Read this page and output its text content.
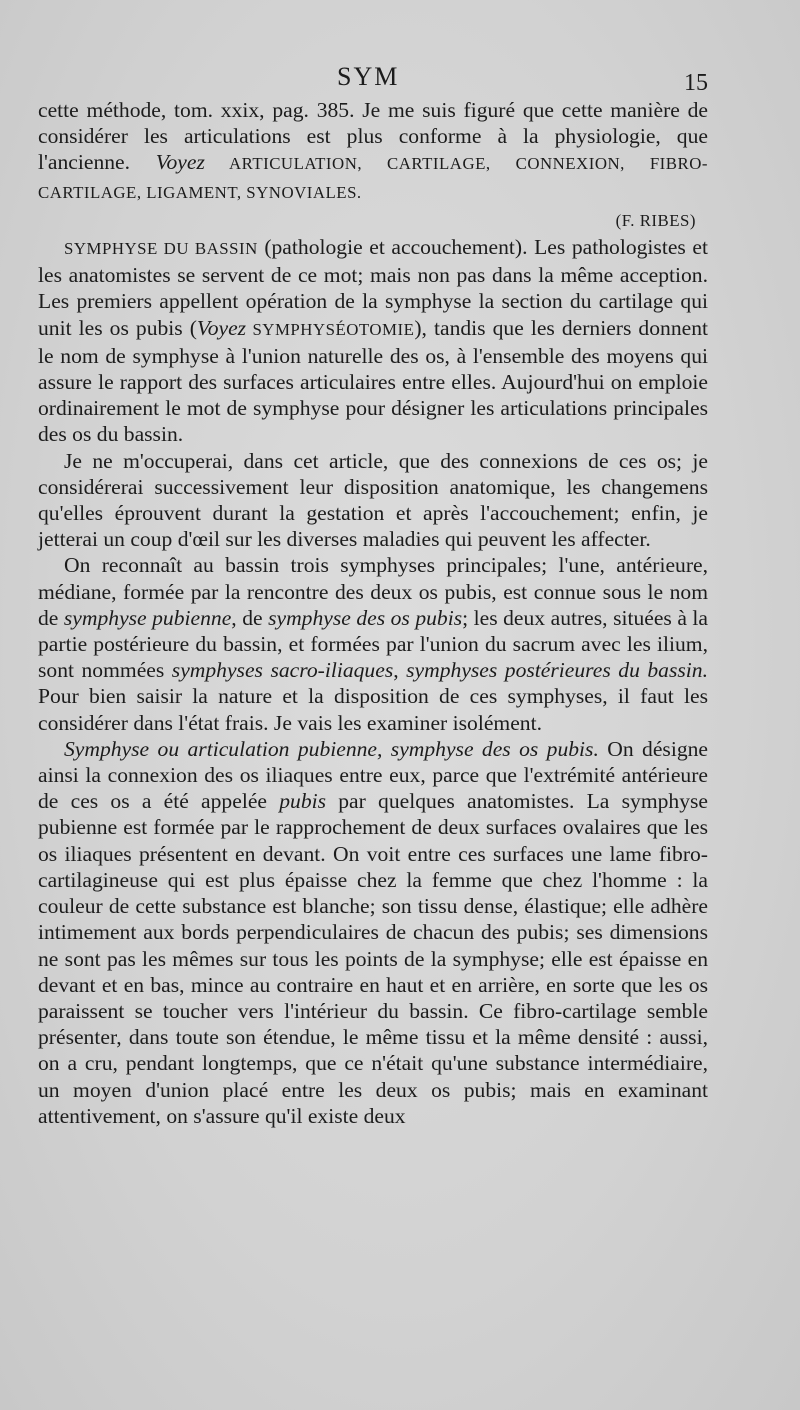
SYM	15

cette méthode, tom. xxix, pag. 385. Je me suis figuré que cette manière de considérer les articulations est plus conforme à la physiologie, que l'ancienne. Voyez ARTICULATION, CARTILAGE, CONNEXION, FIBRO-CARTILAGE, LIGAMENT, SYNOVIALES.

(F. RIBES)

SYMPHYSE DU BASSIN (pathologie et accouchement). Les pathologistes et les anatomistes se servent de ce mot; mais non pas dans la même acception. Les premiers appellent opération de la symphyse la section du cartilage qui unit les os pubis (Voyez SYMPHYSÉOTOMIE), tandis que les derniers donnent le nom de symphyse à l'union naturelle des os, à l'ensemble des moyens qui assure le rapport des surfaces articulaires entre elles. Aujourd'hui on emploie ordinairement le mot de symphyse pour désigner les articulations principales des os du bassin.

Je ne m'occuperai, dans cet article, que des connexions de ces os; je considérerai successivement leur disposition anatomique, les changemens qu'elles éprouvent durant la gestation et après l'accouchement; enfin, je jetterai un coup d'œil sur les diverses maladies qui peuvent les affecter.

On reconnaît au bassin trois symphyses principales; l'une, antérieure, médiane, formée par la rencontre des deux os pubis, est connue sous le nom de symphyse pubienne, de symphyse des os pubis; les deux autres, situées à la partie postérieure du bassin, et formées par l'union du sacrum avec les ilium, sont nommées symphyses sacro-iliaques, symphyses postérieures du bassin. Pour bien saisir la nature et la disposition de ces symphyses, il faut les considérer dans l'état frais. Je vais les examiner isolément.

Symphyse ou articulation pubienne, symphyse des os pubis. On désigne ainsi la connexion des os iliaques entre eux, parce que l'extrémité antérieure de ces os a été appelée pubis par quelques anatomistes. La symphyse pubienne est formée par le rapprochement de deux surfaces ovalaires que les os iliaques présentent en devant. On voit entre ces surfaces une lame fibro-cartilagineuse qui est plus épaisse chez la femme que chez l'homme : la couleur de cette substance est blanche; son tissu dense, élastique; elle adhère intimement aux bords perpendiculaires de chacun des pubis; ses dimensions ne sont pas les mêmes sur tous les points de la symphyse; elle est épaisse en devant et en bas, mince au contraire en haut et en arrière, en sorte que les os paraissent se toucher vers l'intérieur du bassin. Ce fibro-cartilage semble présenter, dans toute son étendue, le même tissu et la même densité : aussi, on a cru, pendant longtemps, que ce n'était qu'une substance intermédiaire, un moyen d'union placé entre les deux os pubis; mais en examinant attentivement, on s'assure qu'il existe deux
